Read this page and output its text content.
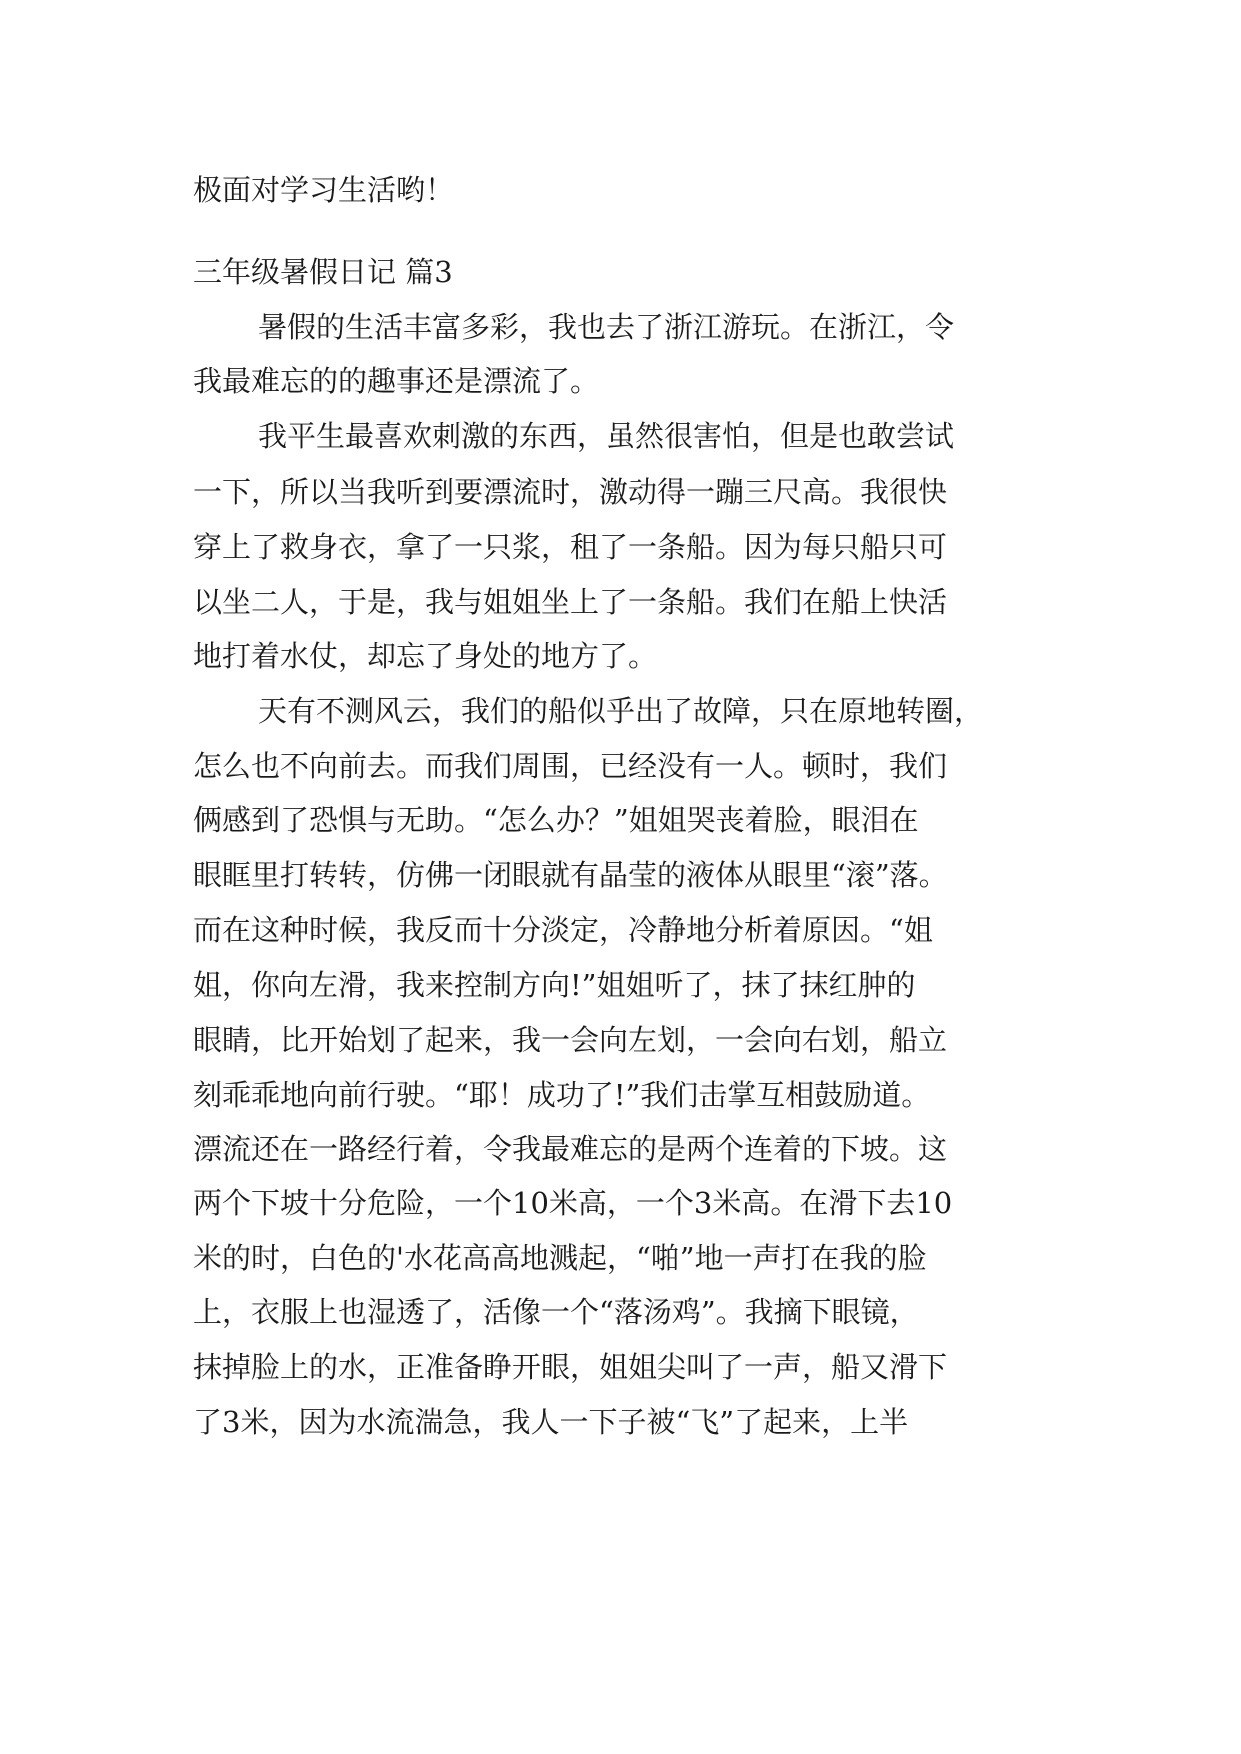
极面对学习生活哟！

三年级暑假日记 篇3

暑假的生活丰富多彩，我也去了浙江游玩。在浙江，令

我最难忘的的趣事还是漂流了。

我平生最喜欢刺激的东西，虽然很害怕，但是也敢尝试

一下，所以当我听到要漂流时，激动得一蹦三尺高。我很快

穿上了救身衣，拿了一只浆，租了一条船。因为每只船只可

以坐二人，于是，我与姐姐坐上了一条船。我们在船上快活

地打着水仗，却忘了身处的地方了。

天有不测风云，我们的船似乎出了故障，只在原地转圈，

怎么也不向前去。而我们周围，已经没有一人。顿时，我们

俩感到了恐惧与无助。“怎么办？”姐姐哭丧着脸，眼泪在

眼眶里打转转，仿佛一闭眼就有晶莹的液体从眼里“滚”落。

而在这种时候，我反而十分淡定，冷静地分析着原因。“姐

姐，你向左滑，我来控制方向!”姐姐听了，抹了抹红肿的

眼睛，比开始划了起来，我一会向左划，一会向右划，船立

刻乖乖地向前行驶。“耶！成功了!”我们击掌互相鼓励道。

漂流还在一路经行着，令我最难忘的是两个连着的下坡。这

两个下坡十分危险，一个10米高，一个3米高。在滑下去10

米的时，白色的'水花高高地溅起，“啪”地一声打在我的脸

上，衣服上也湿透了，活像一个“落汤鸡”。我摘下眼镜，

抹掉脸上的水，正准备睁开眼，姐姐尖叫了一声，船又滑下

了3米，因为水流湍急，我人一下子被“飞”了起来，上半
